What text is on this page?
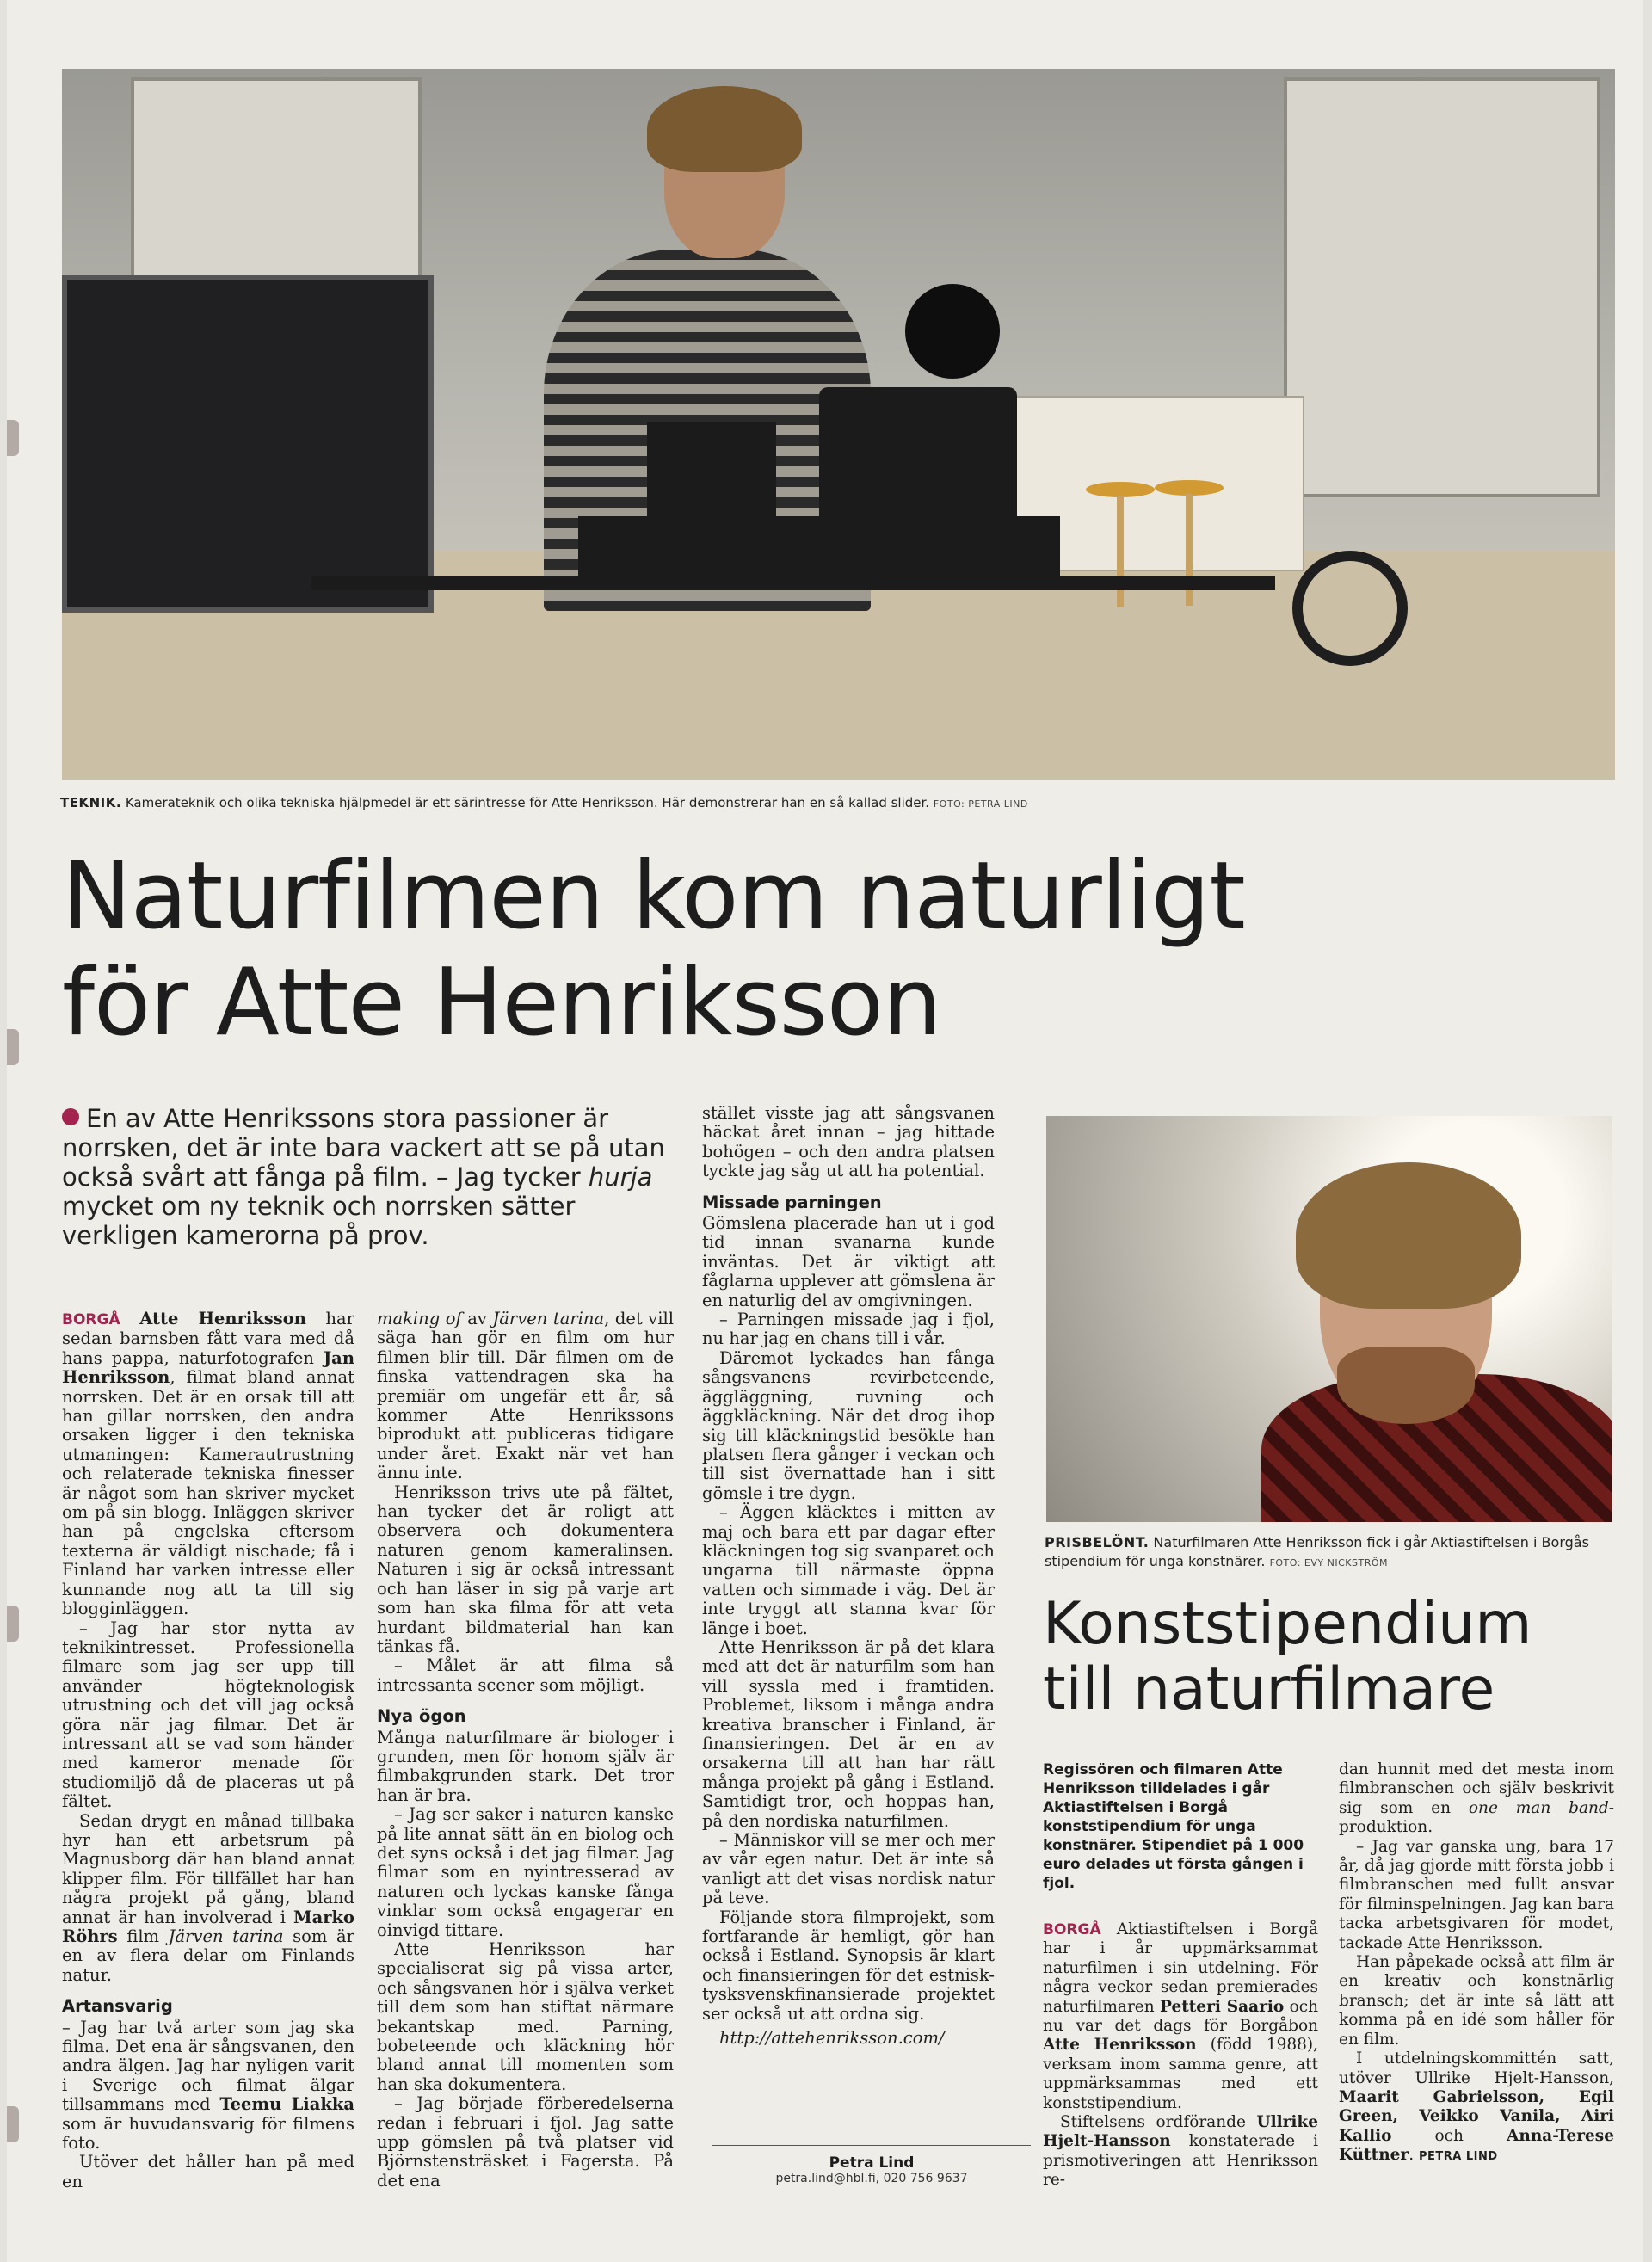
TEKNIK. Kamerateknik och olika tekniska hjälpmedel är ett särintresse för Atte Henriksson. Här demonstrerar han en så kallad slider. FOTO: PETRA LIND
Naturfilmen kom naturligt
för Atte Henriksson
En av Atte Henrikssons stora passioner är norrsken, det är inte bara vackert att se på utan också svårt att fånga på film. – Jag tycker hurja mycket om ny teknik och norrsken sätter verkligen kamerorna på prov.

BORGÅ Atte Henriksson har sedan barnsben fått vara med då hans pappa, naturfotografen Jan Henriksson, filmat bland annat norrsken. Det är en orsak till att han gillar norrsken, den andra orsaken ligger i den tekniska utmaningen: Kamerautrustning och relaterade tekniska finesser är något som han skriver mycket om på sin blogg. Inläggen skriver han på engelska eftersom texterna är väldigt nischade; få i Finland har varken intresse eller kunnande nog att ta till sig blogginläggen.

– Jag har stor nytta av teknikintresset. Professionella filmare som jag ser upp till använder högteknologisk utrustning och det vill jag också göra när jag filmar. Det är intressant att se vad som händer med kameror menade för studiomiljö då de placeras ut på fältet.

Sedan drygt en månad tillbaka hyr han ett arbetsrum på Magnusborg där han bland annat klipper film. För tillfället har han några projekt på gång, bland annat är han involverad i Marko Röhrs film Järven tarina som är en av flera delar om Finlands natur.

Artansvarig

– Jag har två arter som jag ska filma. Det ena är sångsvanen, den andra älgen. Jag har nyligen varit i Sverige och filmat älgar tillsammans med Teemu Liakka som är huvudansvarig för filmens foto.

Utöver det håller han på med en

making of av Järven tarina, det vill säga han gör en film om hur filmen blir till. Där filmen om de finska vattendragen ska ha premiär om ungefär ett år, så kommer Atte Henrikssons biprodukt att publiceras tidigare under året. Exakt när vet han ännu inte.

Henriksson trivs ute på fältet, han tycker det är roligt att observera och dokumentera naturen genom kameralinsen. Naturen i sig är också intressant och han läser in sig på varje art som han ska filma för att veta hurdant bildmaterial han kan tänkas få.

– Målet är att filma så intressanta scener som möjligt.

Nya ögon

Många naturfilmare är biologer i grunden, men för honom själv är filmbakgrunden stark. Det tror han är bra.

– Jag ser saker i naturen kanske på lite annat sätt än en biolog och det syns också i det jag filmar. Jag filmar som en nyintresserad av naturen och lyckas kanske fånga vinklar som också engagerar en oinvigd tittare.

Atte Henriksson har specialiserat sig på vissa arter, och sångsvanen hör i själva verket till dem som han stiftat närmare bekantskap med. Parning, bobeteende och kläckning hör bland annat till momenten som han ska dokumentera.

– Jag började förberedelserna redan i februari i fjol. Jag satte upp gömslen på två platser vid Björnstensträsket i Fagersta. På det ena

stället visste jag att sångsvanen häckat året innan – jag hittade bohögen – och den andra platsen tyckte jag såg ut att ha potential.

Missade parningen

Gömslena placerade han ut i god tid innan svanarna kunde inväntas. Det är viktigt att fåglarna upplever att gömslena är en naturlig del av omgivningen.

– Parningen missade jag i fjol, nu har jag en chans till i vår.

Däremot lyckades han fånga sångsvanens revirbeteende, äggläggning, ruvning och äggkläckning. När det drog ihop sig till kläckningstid besökte han platsen flera gånger i veckan och till sist övernattade han i sitt gömsle i tre dygn.

– Äggen kläcktes i mitten av maj och bara ett par dagar efter kläckningen tog sig svanparet och ungarna till närmaste öppna vatten och simmade i väg. Det är inte tryggt att stanna kvar för länge i boet.

Atte Henriksson är på det klara med att det är naturfilm som han vill syssla med i framtiden. Problemet, liksom i många andra kreativa branscher i Finland, är finansieringen. Det är en av orsakerna till att han har rätt många projekt på gång i Estland. Samtidigt tror, och hoppas han, på den nordiska naturfilmen.

– Människor vill se mer och mer av vår egen natur. Det är inte så vanligt att det visas nordisk natur på teve.

Följande stora filmprojekt, som fortfarande är hemligt, gör han också i Estland. Synopsis är klart och finansieringen för det estnisk-tysksvenskfinansierade projektet ser också ut att ordna sig.

http://attehenriksson.com/

Petra Lind
petra.lind@hbl.fi, 020 756 9637
PRISBELÖNT. Naturfilmaren Atte Henriksson fick i går Aktiastiftelsen i Borgås stipendium för unga konstnärer. FOTO: EVY NICKSTRÖM
Konststipendium
till naturfilmare
Regissören och filmaren Atte Henriksson tilldelades i går Aktiastiftelsen i Borgå konststipendium för unga konstnärer. Stipendiet på 1 000 euro delades ut första gången i fjol.

BORGÅ Aktiastiftelsen i Borgå har i år uppmärksammat naturfilmen i sin utdelning. För några veckor sedan premierades naturfilmaren Petteri Saario och nu var det dags för Borgåbon Atte Henriksson (född 1988), verksam inom samma genre, att uppmärksammas med ett konststipendium.

Stiftelsens ordförande Ullrike Hjelt-Hansson konstaterade i prismotiveringen att Henriksson re-

dan hunnit med det mesta inom filmbranschen och själv beskrivit sig som en one man band-produktion.

– Jag var ganska ung, bara 17 år, då jag gjorde mitt första jobb i filmbranschen med fullt ansvar för filminspelningen. Jag kan bara tacka arbetsgivaren för modet, tackade Atte Henriksson.

Han påpekade också att film är en kreativ och konstnärlig bransch; det är inte så lätt att komma på en idé som håller för en film.

I utdelningskommittén satt, utöver Ullrike Hjelt-Hansson, Maarit Gabrielsson, Egil Green, Veikko Vanila, Airi Kallio och Anna-Terese Küttner. PETRA LIND
